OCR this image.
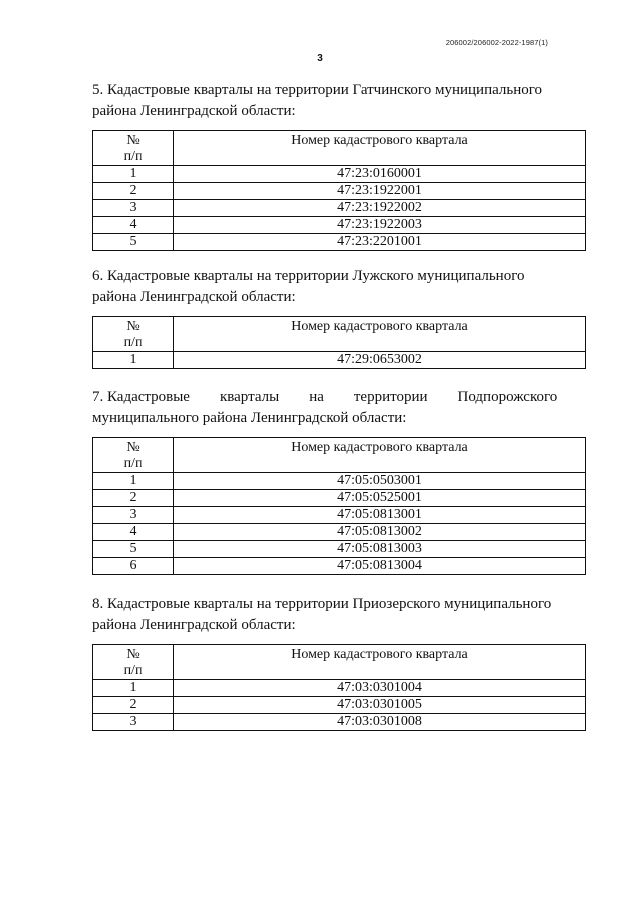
206002/206002-2022-1987(1)
3

5. Кадастровые кварталы на территории Гатчинского муниципального
района Ленинградской области:

№
п/п	Номер кадастрового квартала
1	47:23:0160001
2	47:23:1922001
3	47:23:1922002
4	47:23:1922003
5	47:23:2201001

6. Кадастровые кварталы на территории Лужского муниципального
района Ленинградской области:

№
п/п	Номер кадастрового квартала
1	47:29:0653002

7. Кадастровые        кварталы        на        территории        Подпорожского
муниципального района Ленинградской области:

№
п/п	Номер кадастрового квартала
1	47:05:0503001
2	47:05:0525001
3	47:05:0813001
4	47:05:0813002
5	47:05:0813003
6	47:05:0813004

8. Кадастровые кварталы на территории Приозерского муниципального
района Ленинградской области:

№
п/п	Номер кадастрового квартала
1	47:03:0301004
2	47:03:0301005
3	47:03:0301008
